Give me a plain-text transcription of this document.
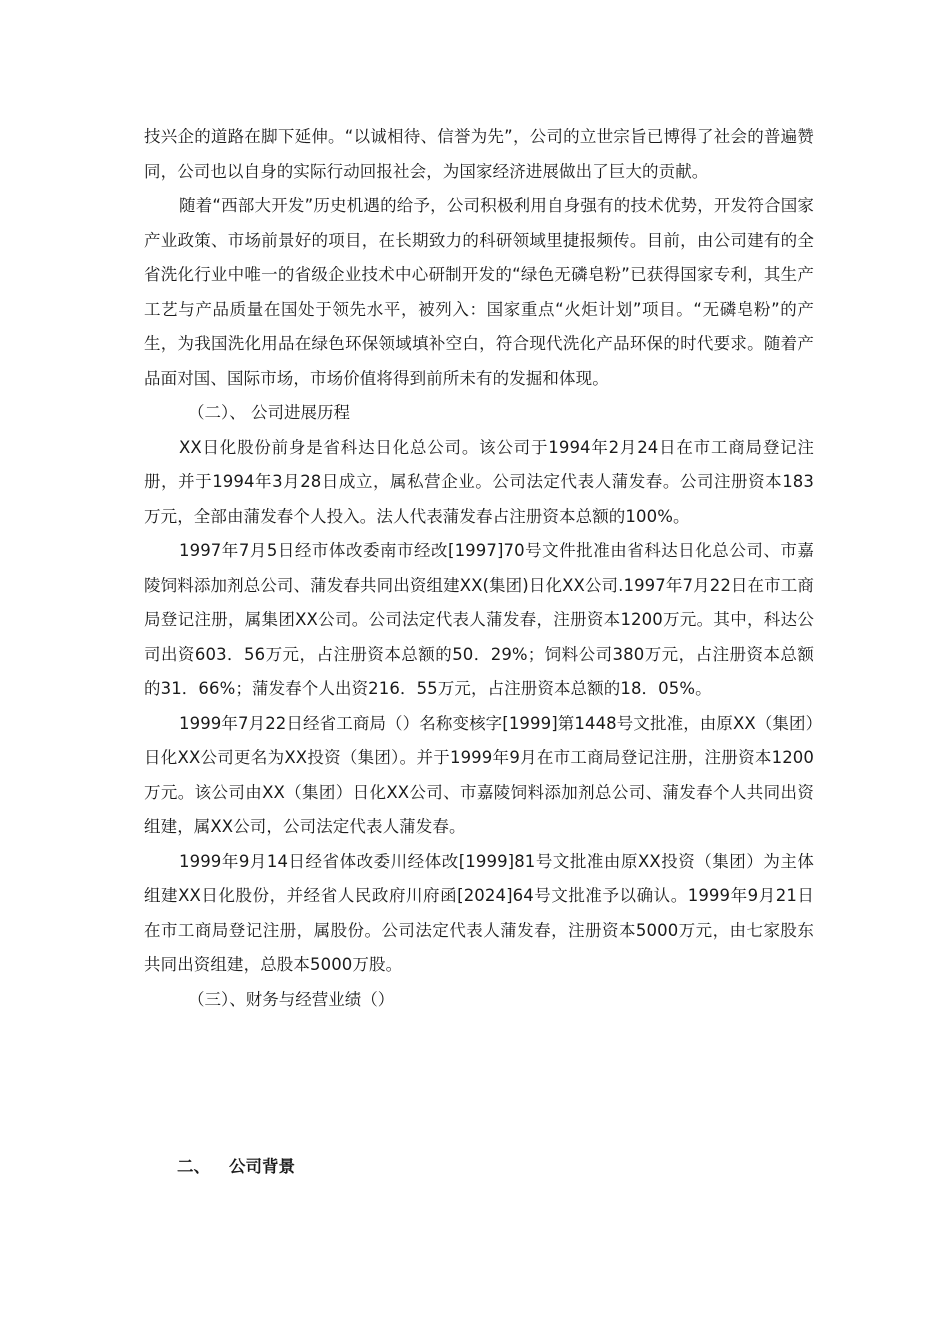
技兴企的道路在脚下延伸。“以诚相待、信誉为先”，公司的立世宗旨已博得了社会的普遍赞同，公司也以自身的实际行动回报社会，为国家经济进展做出了巨大的贡献。

随着“西部大开发”历史机遇的给予，公司积极利用自身强有的技术优势，开发符合国家产业政策、市场前景好的项目，在长期致力的科研领域里捷报频传。目前，由公司建有的全省洗化行业中唯一的省级企业技术中心研制开发的“绿色无磷皂粉”已获得国家专利，其生产工艺与产品质量在国处于领先水平，被列入：国家重点“火炬计划”项目。“无磷皂粉”的产生，为我国洗化用品在绿色环保领域填补空白，符合现代洗化产品环保的时代要求。随着产品面对国、国际市场，市场价值将得到前所未有的发掘和体现。

（二）、 公司进展历程

XX日化股份前身是省科达日化总公司。该公司于1994年2月24日在市工商局登记注册，并于1994年3月28日成立，属私营企业。公司法定代表人蒲发春。公司注册资本183万元，全部由蒲发春个人投入。法人代表蒲发春占注册资本总额的100%。

1997年7月5日经市体改委南市经改[1997]70号文件批准由省科达日化总公司、市嘉陵饲料添加剂总公司、蒲发春共同出资组建XX(集团)日化XX公司.1997年7月22日在市工商局登记注册，属集团XX公司。公司法定代表人蒲发春，注册资本1200万元。其中，科达公司出资603．56万元，占注册资本总额的50．29%；饲料公司380万元，占注册资本总额的31．66%；蒲发春个人出资216．55万元，占注册资本总额的18．05%。

1999年7月22日经省工商局（）名称变核字[1999]第1448号文批准，由原XX（集团）日化XX公司更名为XX投资（集团）。并于1999年9月在市工商局登记注册，注册资本1200万元。该公司由XX（集团）日化XX公司、市嘉陵饲料添加剂总公司、蒲发春个人共同出资组建，属XX公司，公司法定代表人蒲发春。

1999年9月14日经省体改委川经体改[1999]81号文批准由原XX投资（集团）为主体组建XX日化股份，并经省人民政府川府函[2024]64号文批准予以确认。1999年9月21日在市工商局登记注册，属股份。公司法定代表人蒲发春，注册资本5000万元，由七家股东共同出资组建，总股本5000万股。

（三）、财务与经营业绩（）

二、 公司背景
